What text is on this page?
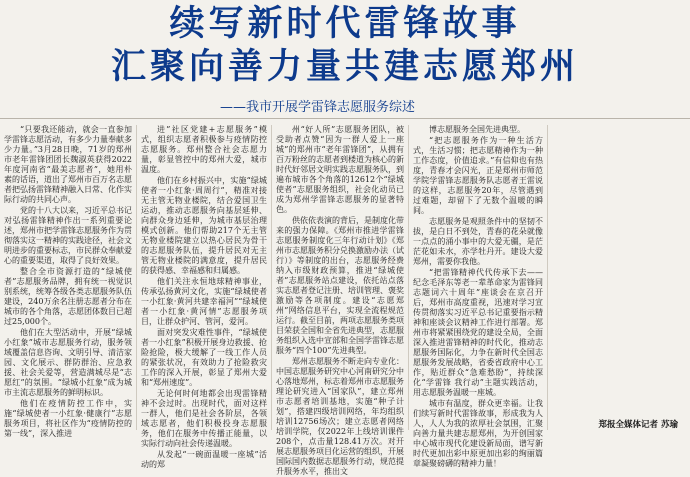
续写新时代雷锋故事
汇聚向善力量共建志愿郑州
——我市开展学雷锋志愿服务综述

“只要我还能动，就会一直参加学雷锋志愿活动，有多少力量奉献多少力量。”3月28日晚，71岁的郑州市老年雷锋团团长魏淑英获得2022年度河南省“最美志愿者”，她用朴素的话语，道出了郑州市百万名志愿者把弘扬雷锋精神融入日常、化作实际行动的共同心声。

党的十八大以来，习近平总书记对弘扬雷锋精神作出一系列重要论述，郑州市把学雷锋志愿服务作为贯彻落实这一精神的实践途径，社会文明进步的重要标志，市民群众奉献爱心的重要渠道，取得了良好效果。

整合全市资源打造的“绿城使者”志愿服务品牌，拥有统一视觉识别系统，统筹各级各类志愿服务队伍建设，240万余名注册志愿者分布在城市的各个角落，志愿团体数目已超过25,000个。

他们在大型活动中，开展“绿城小红象”城市志愿服务行动，服务领域覆盖信息咨询、文明引导、清洁家园、文化展示、群防群治、应急救援、社会关爱等，营造满城尽是“志愿红”的氛围。“绿城小红象”成为城市主流志愿服务的鲜明标识。

他们在疫情防控工作中，实施“绿城使者一小红象·健康行”志愿服务项目，将社区作为“疫情防控的第一线”，深入推进

进”社区党建+志愿服务”模式，组织志愿者积极参与疫情防控志愿服务。郑州整合社会志愿力量，彰显管控中的郑州大爱，城市温度。

他们在乡村振兴中，实施“绿城使者一小红象·周周行”，精准对接无主管无物业楼院，结合爱国卫生运动，推动志愿服务向基层延伸、向群众身边延伸，为城市基层治理模式创新。他们帮助217个无主管无物业楼院建立以热心居民为骨干的志愿服务队伍，提升居民对无主管无物业楼院的满意度，提升居民的获得感、幸福感和归属感。

他们关注永恒地球精神事业，传承弘扬黄河文化，实施“绿城使者一小红象·黄河共建幸福河”“绿城使者一小红象·黄河情”志愿服务项目，让群众护河、管河，爱河。

面对突发灾难性事件，“绿城使者一小红象”积极开展身边救援、抢险抢险，极大缓解了一线工作人员的紧张状况，有效助力了抢险救灾工作的深入开展，彰显了郑州大爱和“郑州速度”。

无论何时何地都会出现雷锋精神不会过时。出现时代，面对这样一群人，他们是社会各阶层，各领域志愿者，他们积极投身志愿服务，他们在服务中传播正能量，以实际行动向社会传递温暖。

从发起“一碗面温暖一座城”活动的郑

州“好人所”志愿服务团队，被受助者点赞“因为一群人爱上一座城”的郑州市“老年雷锋团”，从拥有百万粉丝的志愿者到楼道为核心的新时代好邻居文明实践志愿服务队，到遍布城市各个角落的12612个“绿城使者”志愿服务组织，社会化动员已成为郑州学雷锋志愿服务的显著特色。

供依依表演的背后，是制度化带来的强力保障。《郑州市推进学雷锋志愿服务制度化三年行动计划》《郑州市志愿服务积分兑换激励办法（试行）》等制度的出台，志愿服务经费纳入市级财政预算，推进“绿城使者”志愿服务站点建设，依托站点落实志愿者登记注册、培训管理、褒奖激励等各项制度。建设“志愿郑州”网络信息平台，实现全流程规范运行。截至目前，两项志愿服务类项目荣获全国和全省先进典型，志愿服务组织入选中宣部和全国学雷锋志愿服务“四个100”先进典型。

郑州志愿服务不断走向专业化：中国志愿服务研究中心河南研究分中心落地郑州，标志着郑州市志愿服务理论研究进入“国家队”，建立郑州市志愿者培训基地，实施“种子计划”，搭建四级培训网络，年均组织培训12756场次；建立志愿者网络培训学院，仅2022年上线培训课件208个，点击量128.41万次。对开展志愿服务项目化运营的组织，开展国际国内数据志愿服务行动，规范提升服务水平，推出文

博志愿服务全国先进典型。

“把志愿服务作为一种生活方式，生活习惯；把志愿精神作为一种工作态度，价值追求。”有信仰也有热度，青春才会闪光，正是郑州市师范学院学雷锋志愿服务队志愿者王雷说的这样，志愿服务20年，尽管遇到过难题，却留下了无数个温暖的瞬间。

志愿服务是观照条件中的坚韧不拔，是白日不到处，青春的花朵就像一点点的涌小事中的大爱无疆，是茫茫花如未水，亦学牡丹开。建设大爱郑州，需要你我他。

“把雷锋精神代代传承下去——纪念毛泽东等老一辈革命家为雷锋同志题词六十周年”座谈会在京召开后，郑州市高度重视，迅速对学习宣传贯彻落实习近平总书记重要指示精神和座谈会议精神工作进行部署。郑州市将紧紧围绕党的建设全局，全面深入推进雷锋精神的时代化，推动志愿服务国际化，力争在新时代全国志愿服务发展战略，省委省政府中心工作，贴近群众“急难愁盼”，持续深化“学雷锋 我行动”主题实践活动，用志愿服务温暖一座城。

城市有温度，群众更幸福。让我们续写新时代雷锋故事，形成我为人人，人人为我的浓厚社会氛围，汇聚向善力量共建志愿郑州，为开创国家中心城市现代化建设新局面，谱写新时代更加出彩中原更加出彩的绚丽篇章凝聚磅礴的精神力量！

郑报全媒体记者 苏瑜
